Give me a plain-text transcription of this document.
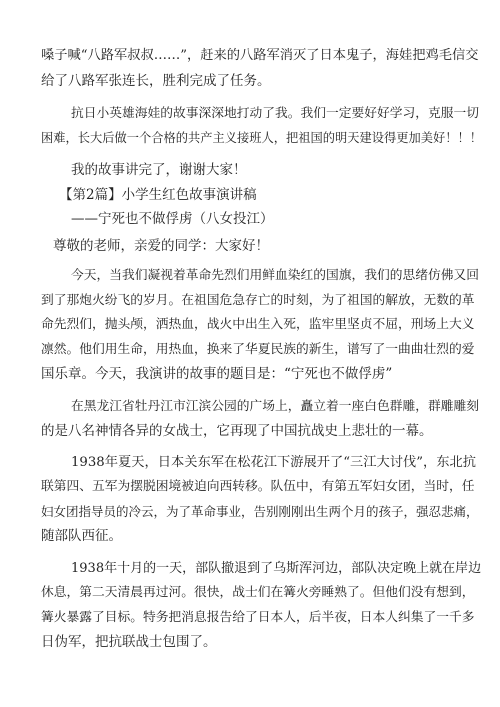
嗓子喊“八路军叔叔……”，赶来的八路军消灭了日本鬼子，海娃把鸡毛信交
给了八路军张连长，胜利完成了任务。
抗日小英雄海娃的故事深深地打动了我。我们一定要好好学习，克服一切
困难，长大后做一个合格的共产主义接班人，把祖国的明天建设得更加美好！！！
我的故事讲完了，谢谢大家！
【第2篇】小学生红色故事演讲稿
——宁死也不做俘虏（八女投江）
尊敬的老师，亲爱的同学：大家好！
今天，当我们凝视着革命先烈们用鲜血染红的国旗，我们的思绪仿佛又回
到了那炮火纷飞的岁月。在祖国危急存亡的时刻，为了祖国的解放，无数的革
命先烈们，抛头颅，洒热血，战火中出生入死，监牢里坚贞不屈，刑场上大义
凛然。他们用生命，用热血，换来了华夏民族的新生，谱写了一曲曲壮烈的爱
国乐章。今天，我演讲的故事的题目是：“宁死也不做俘虏”
在黑龙江省牡丹江市江滨公园的广场上，矗立着一座白色群雕，群雕雕刻
的是八名神情各异的女战士，它再现了中国抗战史上悲壮的一幕。
1938年夏天，日本关东军在松花江下游展开了“三江大讨伐”，东北抗
联第四、五军为摆脱困境被迫向西转移。队伍中，有第五军妇女团，当时，任
妇女团指导员的冷云，为了革命事业，告别刚刚出生两个月的孩子，强忍悲痛，
随部队西征。
1938年十月的一天，部队撤退到了乌斯浑河边，部队决定晚上就在岸边
休息，第二天清晨再过河。很快，战士们在篝火旁睡熟了。但他们没有想到，
篝火暴露了目标。特务把消息报告给了日本人，后半夜，日本人纠集了一千多
日伪军，把抗联战士包围了。
